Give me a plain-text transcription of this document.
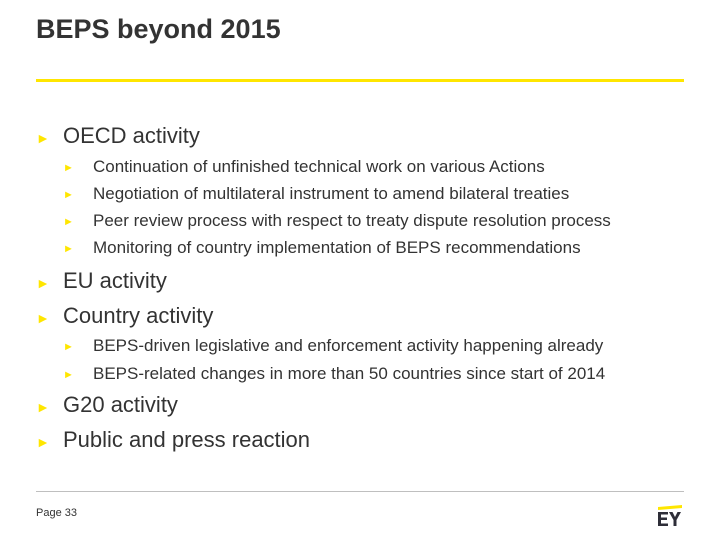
BEPS beyond 2015
► OECD activity
► Continuation of unfinished technical work on various Actions
► Negotiation of multilateral instrument to amend bilateral treaties
► Peer review process with respect to treaty dispute resolution process
► Monitoring of country implementation of BEPS recommendations
► EU activity
► Country activity
► BEPS-driven legislative and enforcement activity happening already
► BEPS-related changes in more than 50 countries since start of 2014
► G20 activity
► Public and press reaction
Page 33
